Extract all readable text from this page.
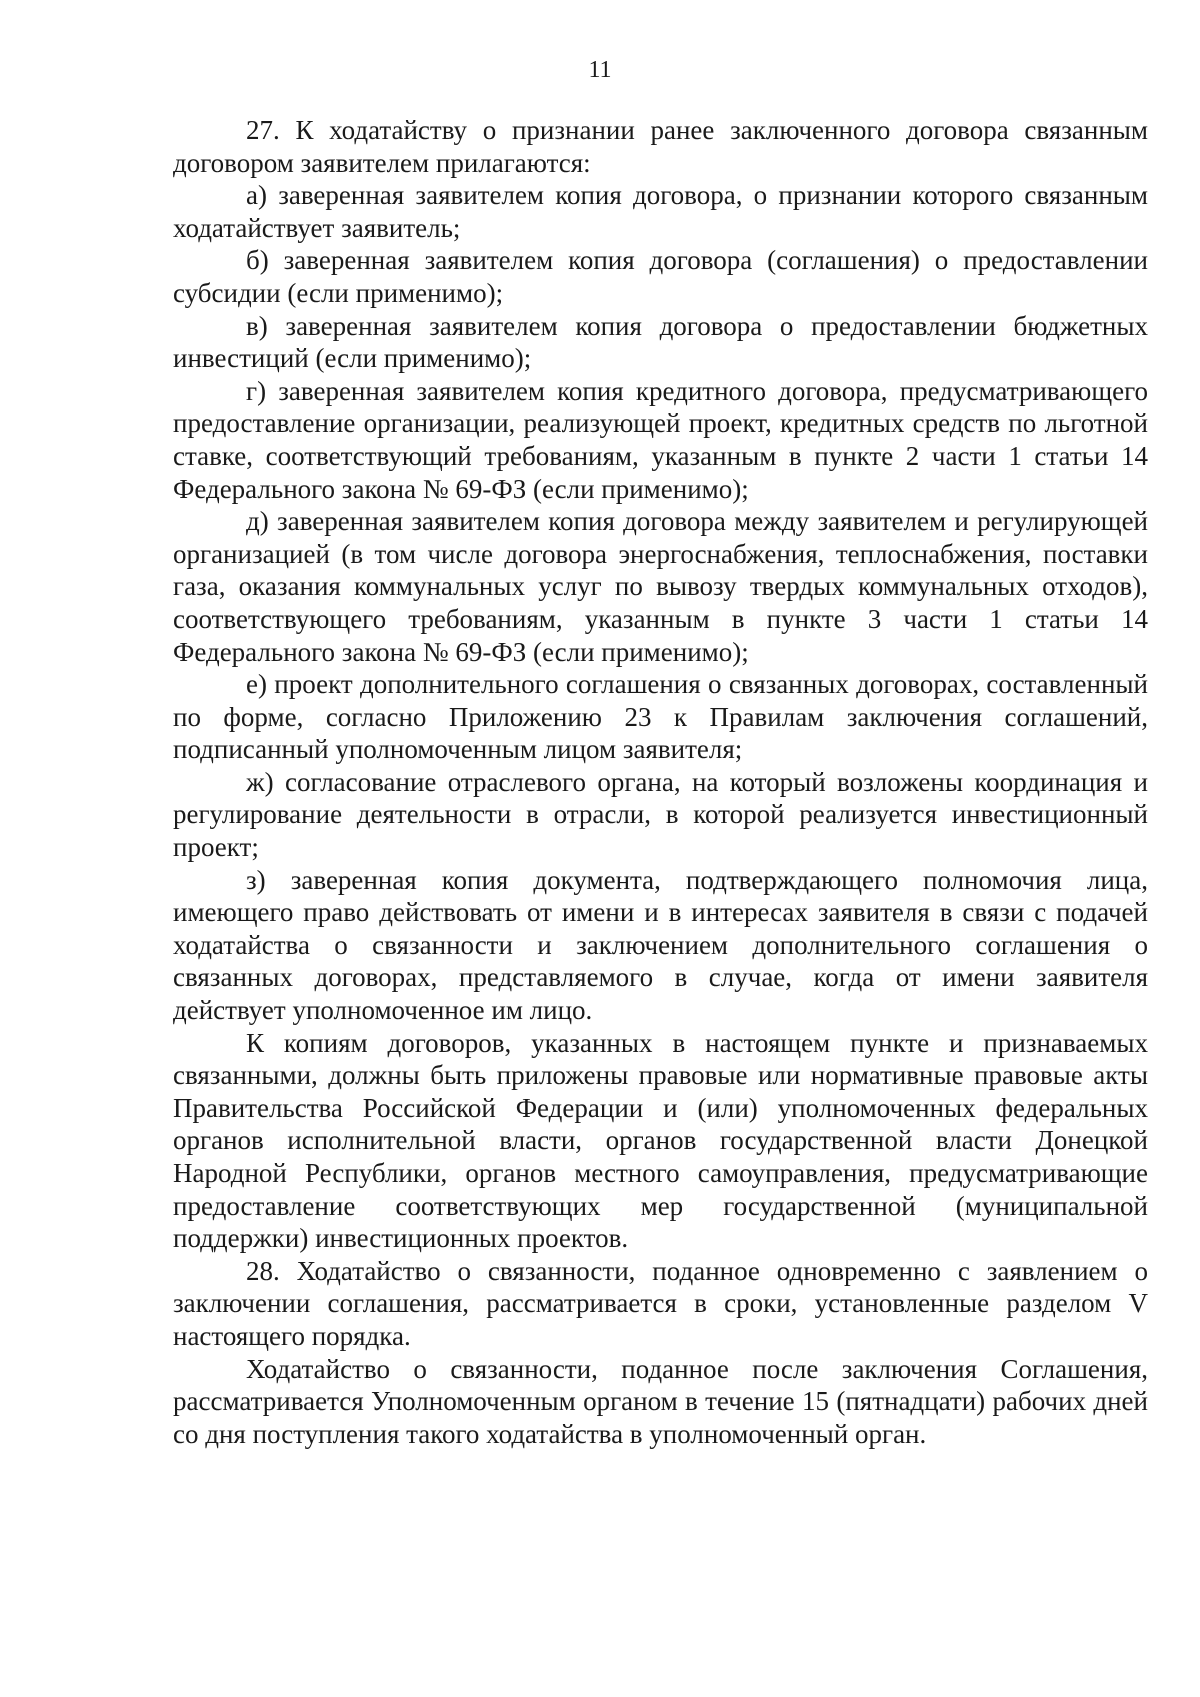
11

27. К ходатайству о признании ранее заключенного договора связанным договором заявителем прилагаются:

а) заверенная заявителем копия договора, о признании которого связанным ходатайствует заявитель;

б) заверенная заявителем копия договора (соглашения) о предоставлении субсидии (если применимо);

в) заверенная заявителем копия договора о предоставлении бюджетных инвестиций (если применимо);

г) заверенная заявителем копия кредитного договора, предусматривающего предоставление организации, реализующей проект, кредитных средств по льготной ставке, соответствующий требованиям, указанным в пункте 2 части 1 статьи 14 Федерального закона № 69-ФЗ (если применимо);

д) заверенная заявителем копия договора между заявителем и регулирующей организацией (в том числе договора энергоснабжения, теплоснабжения, поставки газа, оказания коммунальных услуг по вывозу твердых коммунальных отходов), соответствующего требованиям, указанным в пункте 3 части 1 статьи 14 Федерального закона № 69-ФЗ (если применимо);

е) проект дополнительного соглашения о связанных договорах, составленный по форме, согласно Приложению 23 к Правилам заключения соглашений, подписанный уполномоченным лицом заявителя;

ж) согласование отраслевого органа, на который возложены координация и регулирование деятельности в отрасли, в которой реализуется инвестиционный проект;

з) заверенная копия документа, подтверждающего полномочия лица, имеющего право действовать от имени и в интересах заявителя в связи с подачей ходатайства о связанности и заключением дополнительного соглашения о связанных договорах, представляемого в случае, когда от имени заявителя действует уполномоченное им лицо.

К копиям договоров, указанных в настоящем пункте и признаваемых связанными, должны быть приложены правовые или нормативные правовые акты Правительства Российской Федерации и (или) уполномоченных федеральных органов исполнительной власти, органов государственной власти Донецкой Народной Республики, органов местного самоуправления, предусматривающие предоставление соответствующих мер государственной (муниципальной поддержки) инвестиционных проектов.

28. Ходатайство о связанности, поданное одновременно с заявлением о заключении соглашения, рассматривается в сроки, установленные разделом V настоящего порядка.

Ходатайство о связанности, поданное после заключения Соглашения, рассматривается Уполномоченным органом в течение 15 (пятнадцати) рабочих дней со дня поступления такого ходатайства в уполномоченный орган.
